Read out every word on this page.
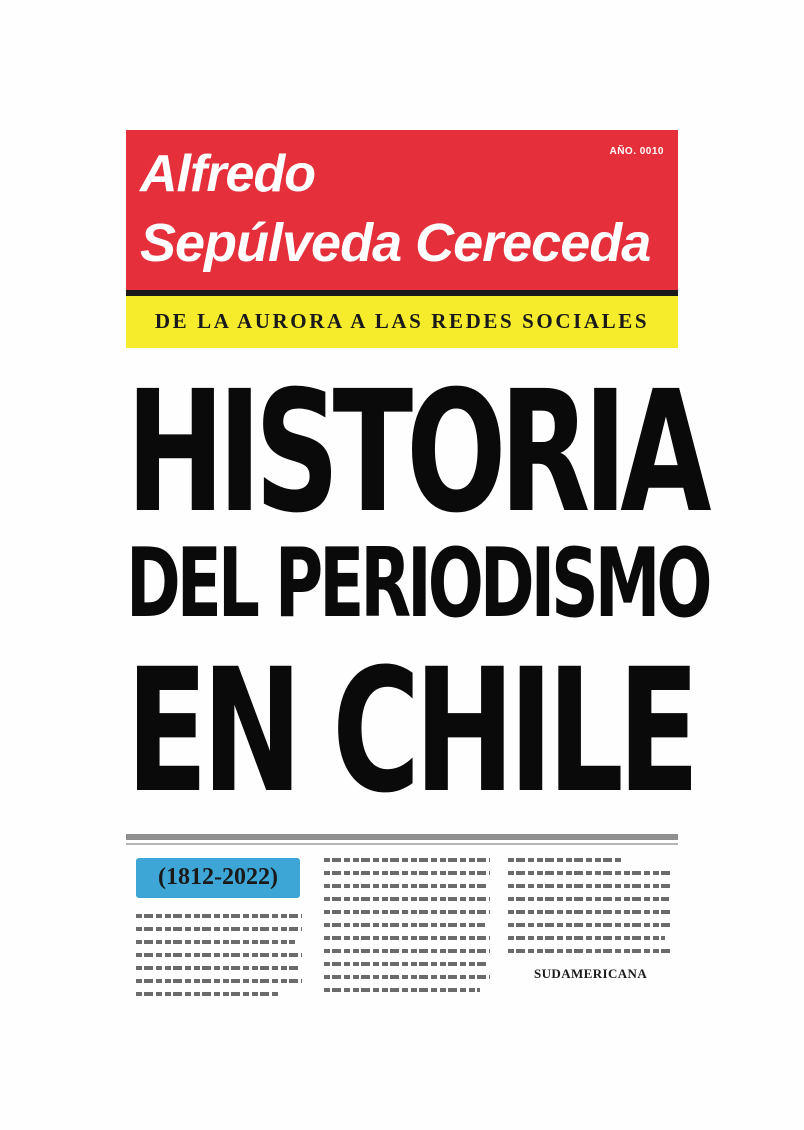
Alfredo
Sepúlveda Cereceda
AÑO. 0010
DE LA AURORA A LAS REDES SOCIALES
HISTORIA
DEL PERIODISMO
EN CHILE
(1812-2022)
SUDAMERICANA
